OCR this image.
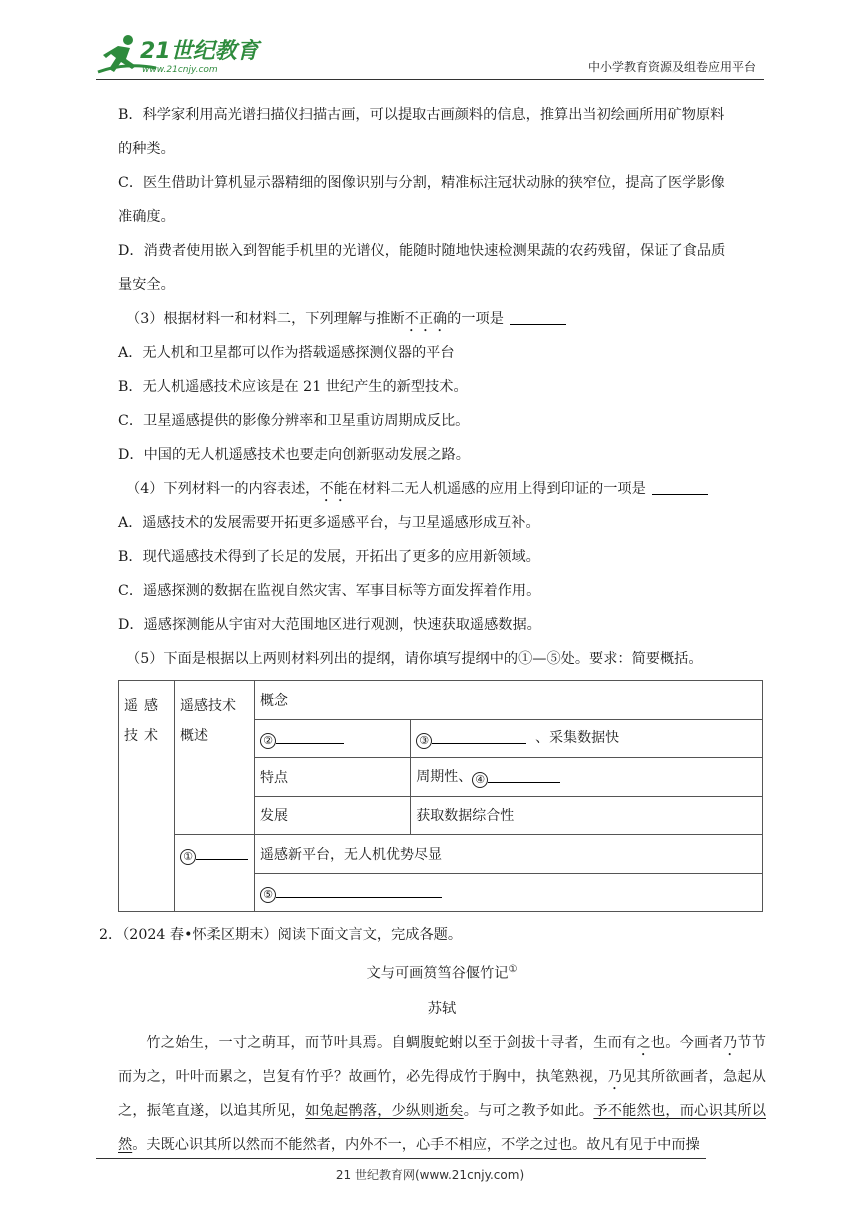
21世纪教育
www.21cnjy.com	中小学教育资源及组卷应用平台
B．科学家利用高光谱扫描仪扫描古画，可以提取古画颜料的信息，推算出当初绘画所用矿物原料
的种类。
C．医生借助计算机显示器精细的图像识别与分割，精准标注冠状动脉的狭窄位，提高了医学影像
准确度。
D．消费者使用嵌入到智能手机里的光谱仪，能随时随地快速检测果蔬的农药残留，保证了食品质
量安全。
（3）根据材料一和材料二，下列理解与推断不正确的一项是
A．无人机和卫星都可以作为搭载遥感探测仪器的平台
B．无人机遥感技术应该是在 21 世纪产生的新型技术。
C．卫星遥感提供的影像分辨率和卫星重访周期成反比。
D．中国的无人机遥感技术也要走向创新驱动发展之路。
（4）下列材料一的内容表述，不能在材料二无人机遥感的应用上得到印证的一项是
A．遥感技术的发展需要开拓更多遥感平台，与卫星遥感形成互补。
B．现代遥感技术得到了长足的发展，开拓出了更多的应用新领域。
C．遥感探测的数据在监视自然灾害、军事目标等方面发挥着作用。
D．遥感探测能从宇宙对大范围地区进行观测，快速获取遥感数据。
（5）下面是根据以上两则材料列出的提纲，请你填写提纲中的①—⑤处。要求：简要概括。
遥感技术	遥感技术概述	概念	
		②	③ 、采集数据快
		特点	周期性、 ④
		发展	获取数据综合性
	①	遥感新平台，无人机优势尽显	
		⑤	
2．（2024 春•怀柔区期末）阅读下面文言文，完成各题。
文与可画筼筜谷偃竹记①
苏轼
竹之始生，一寸之萌耳，而节叶具焉。自蜩腹蛇蚹以至于剑拔十寻者，生而有之也。今画者乃节节而为之，叶叶而累之，岂复有竹乎？故画竹，必先得成竹于胸中，执笔熟视，乃见其所欲画者，急起从之，振笔直遂，以追其所见，如兔起鹘落，少纵则逝矣。与可之教予如此。予不能然也，而心识其所以然。夫既心识其所以然而不能然者，内外不一，心手不相应，不学之过也。故凡有见于中而操
21 世纪教育网(www.21cnjy.com)
